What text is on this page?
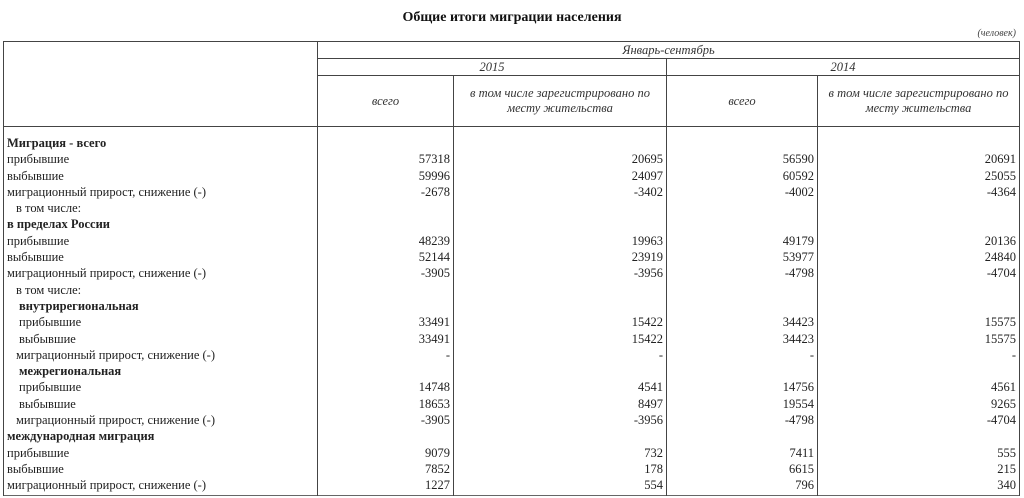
Общие итоги миграции населения
(человек)
	Январь-сентябрь			
	2015		2014	
	всего	в том числе зарегистрировано по месту жительства	всего	в том числе зарегистрировано по месту жительства
Миграция - всего				
прибывшие	57318	20695	56590	20691
выбывшие	59996	24097	60592	25055
миграционный прирост, снижение (-)	-2678	-3402	-4002	-4364
в том числе:				
в пределах России				
прибывшие	48239	19963	49179	20136
выбывшие	52144	23919	53977	24840
миграционный прирост, снижение (-)	-3905	-3956	-4798	-4704
в том числе:				
внутрирегиональная				
прибывшие	33491	15422	34423	15575
выбывшие	33491	15422	34423	15575
миграционный прирост, снижение (-)	-	-	-	-
межрегиональная				
прибывшие	14748	4541	14756	4561
выбывшие	18653	8497	19554	9265
миграционный прирост, снижение (-)	-3905	-3956	-4798	-4704
международная миграция				
прибывшие	9079	732	7411	555
выбывшие	7852	178	6615	215
миграционный прирост, снижение (-)	1227	554	796	340
